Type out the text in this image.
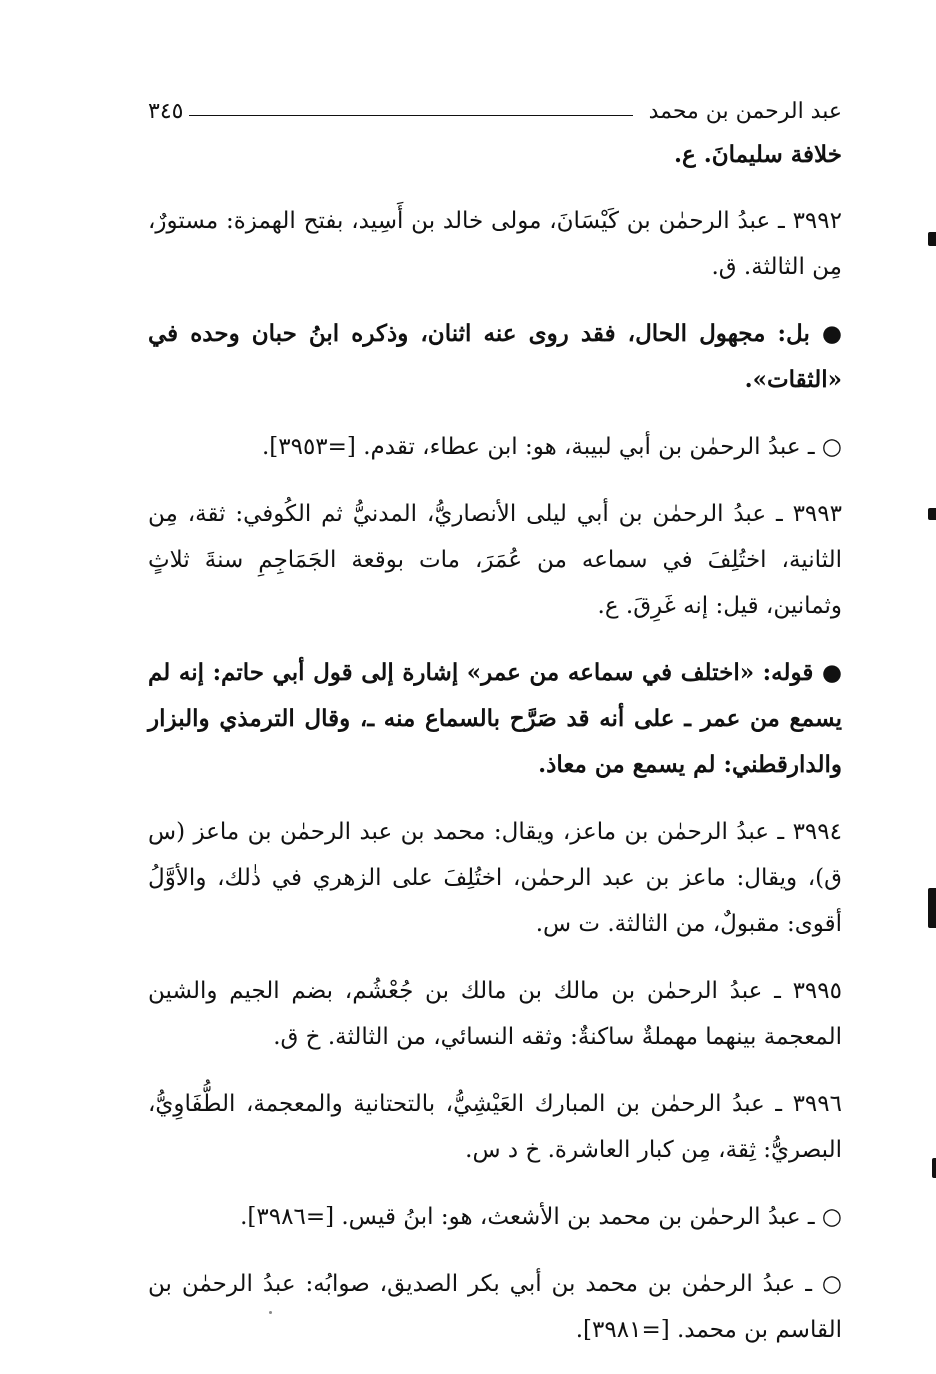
عبد الرحمن بن محمد
٣٤٥

خلافة سليمانَ. ع.

٣٩٩٢ ـ عبدُ الرحمٰن بن كَيْسَانَ، مولى خالد بن أَسِيد، بفتح الهمزة: مستورٌ، مِن الثالثة. ق.

● بل: مجهول الحال، فقد روى عنه اثنان، وذكره ابنُ حبان وحده في «الثقات».

○ ـ عبدُ الرحمٰن بن أبي لبيبة، هو: ابن عطاء، تقدم. [=٣٩٥٣].

٣٩٩٣ ـ عبدُ الرحمٰن بن أبي ليلى الأنصاريُّ، المدنيُّ ثم الكُوفي: ثقة، مِن الثانية، اختُلِفَ في سماعه من عُمَرَ، مات بوقعة الجَمَاجِمِ سنةَ ثلاثٍ وثمانين، قيل: إنه غَرِقَ. ع.

● قوله: «اختلف في سماعه من عمر» إشارة إلى قول أبي حاتم: إنه لم يسمع من عمر ـ على أنه قد صَرَّح بالسماع منه ـ، وقال الترمذي والبزار والدارقطني: لم يسمع من معاذ.

٣٩٩٤ ـ عبدُ الرحمٰن بن ماعز، ويقال: محمد بن عبد الرحمٰن بن ماعز (س ق)، ويقال: ماعز بن عبد الرحمٰن، اختُلِفَ على الزهري في ذٰلك، والأوَّلُ أقوى: مقبولٌ، من الثالثة. ت س.

٣٩٩٥ ـ عبدُ الرحمٰن بن مالك بن مالك بن جُعْشُم، بضم الجيم والشين المعجمة بينهما مهملةٌ ساكنةٌ: وثقه النسائي، من الثالثة. خ ق.

٣٩٩٦ ـ عبدُ الرحمٰن بن المبارك العَيْشِيُّ، بالتحتانية والمعجمة، الطُّفَاوِيُّ، البصريُّ: ثِقة، مِن كبار العاشرة. خ د س.

○ ـ عبدُ الرحمٰن بن محمد بن الأشعث، هو: ابنُ قيس. [=٣٩٨٦].

○ ـ عبدُ الرحمٰن بن محمد بن أبي بكر الصديق، صوابُه: عبدُ الرحمٰن بن القاسم بن محمد. [=٣٩٨١].
